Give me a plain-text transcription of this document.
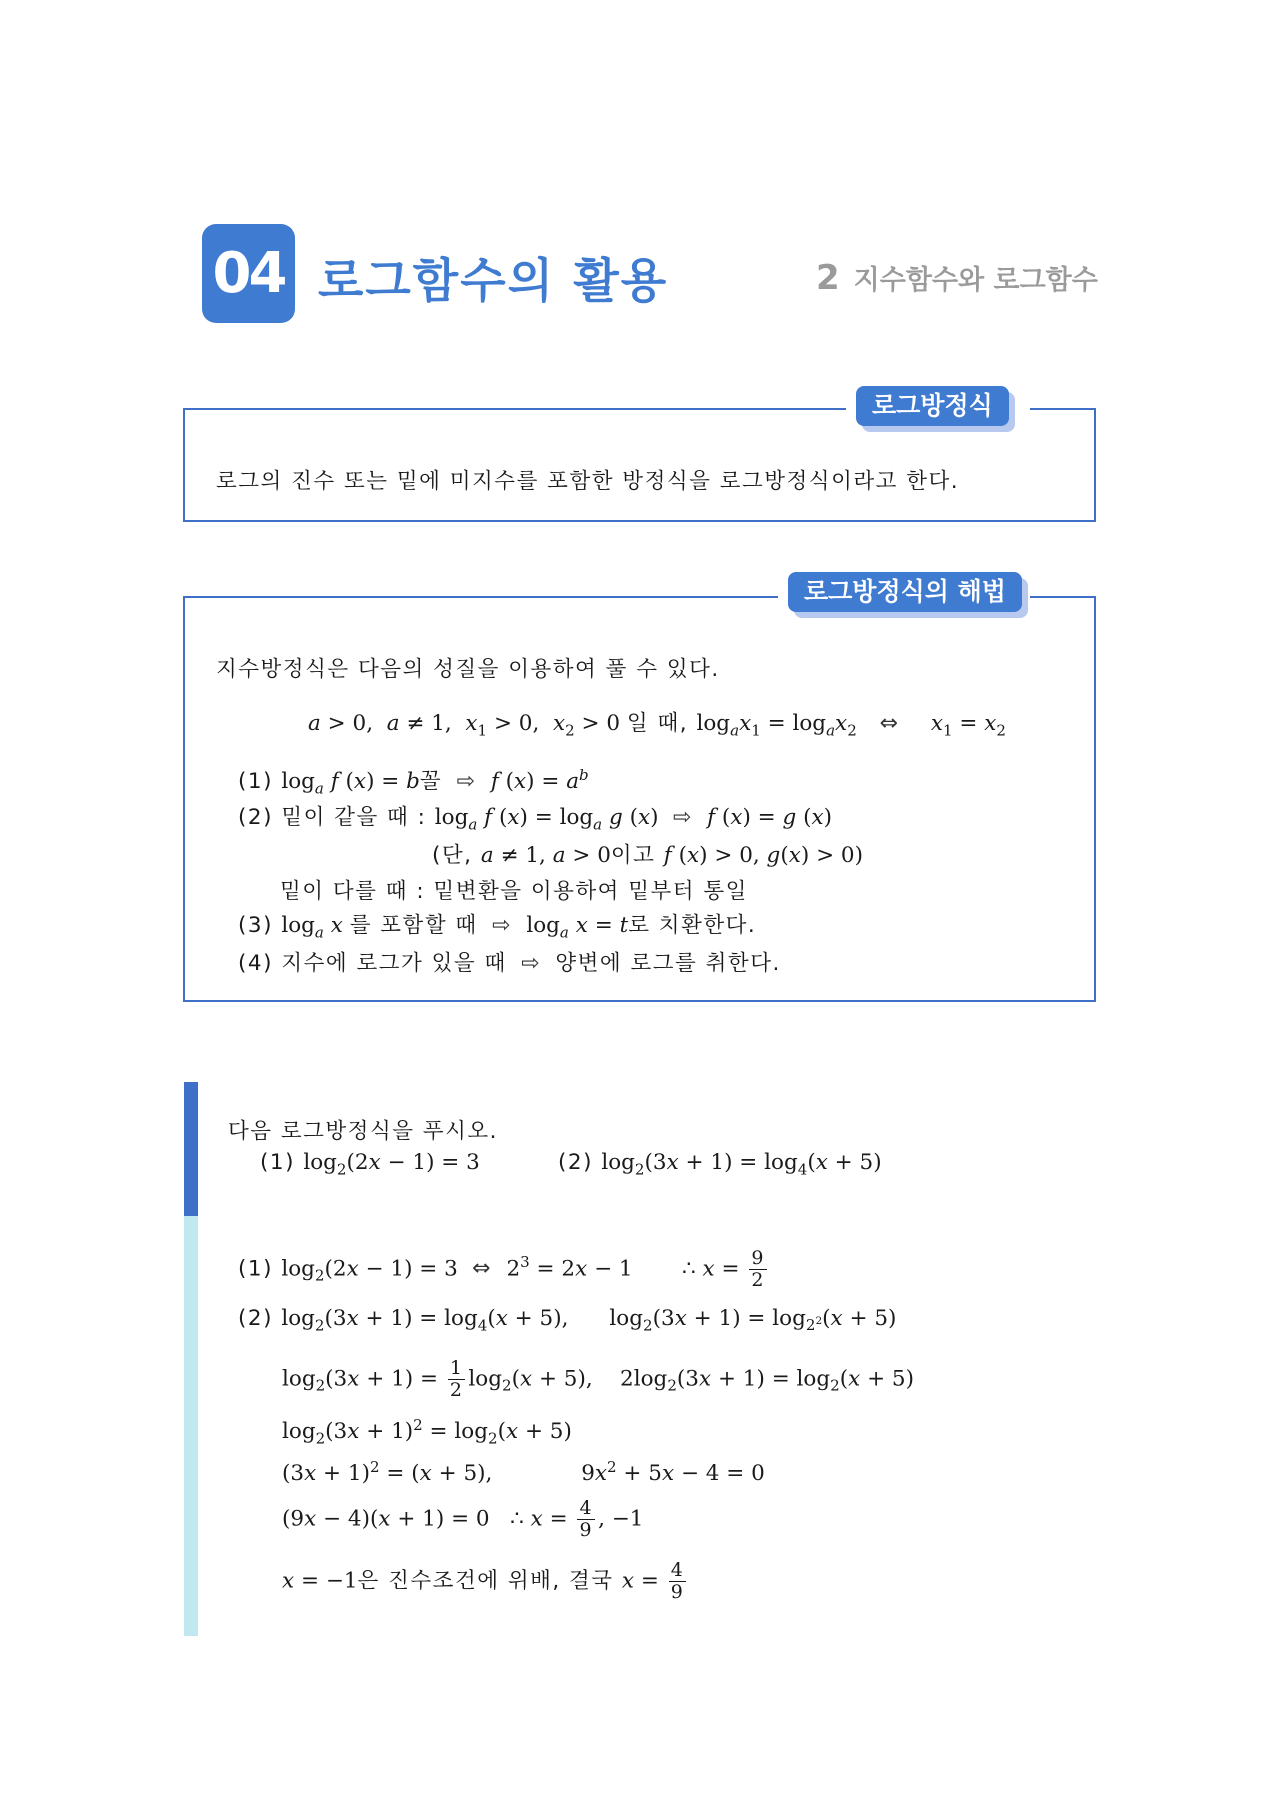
04 로그함수의 활용	2 지수함수와 로그함수
로그방정식
로그의 진수 또는 밑에 미지수를 포함한 방정식을 로그방정식이라고 한다.
로그방정식의 해법
지수방정식은 다음의 성질을 이용하여 풀 수 있다.
a > 0,  a ≠ 1,  $x_1 > 0$,  $x_2 > 0$ 일 때, $\log_ax_1 = \log_ax_2$  ⇔   $x_1 = x_2$
(1) $\log_a f$ (x) = b꼴 ⇨ f $(x) = a^b$
(2) 밑이 같을 때 : $\log_a f$ $(x) = \log_a g$ (x) ⇨ f (x) = g (x)
(단, a ≠ 1, a > 0이고 f (x) > 0, g(x) > 0)
밑이 다를 때 : 밑변환을 이용하여 밑부터 통일
(3) $\log_a x$ 를 포함할 때 ⇨ $\log_a x = t$로 치환한다.
(4) 지수에 로그가 있을 때 ⇨ 양변에 로그를 취한다.
다음 로그방정식을 푸시오.
(1) $\log_2(2x - 1) = 3$	(2) $\log_2(3x + 1) = \log_4(x + 5)$
(1) $\log_2(2x - 1) = 3$ ⇔ $2^3 = 2x - 1$       ∴ $x = \frac{9}{2}$
(2) $\log_2(3x + 1) = \log_4(x + 5)$,      $\log_2(3x + 1) = \log_{2^2}(x + 5)$
$\log_2(3x + 1) = \frac{1}{2} \log_2(x + 5)$,    $2\log_2(3x + 1) = \log_2(x + 5)$
$\log_2(3x + 1)^2 = \log_2(x + 5)$
$(3x + 1)^2 = (x + 5)$,             $9x^2 + 5x - 4 = 0$
(9x − 4)(x + 1) = 0   ∴ $x = \frac{4}{9}$ , −1
x = −1은 진수조건에 위배, 결국 $x = \frac{4}{9}$
